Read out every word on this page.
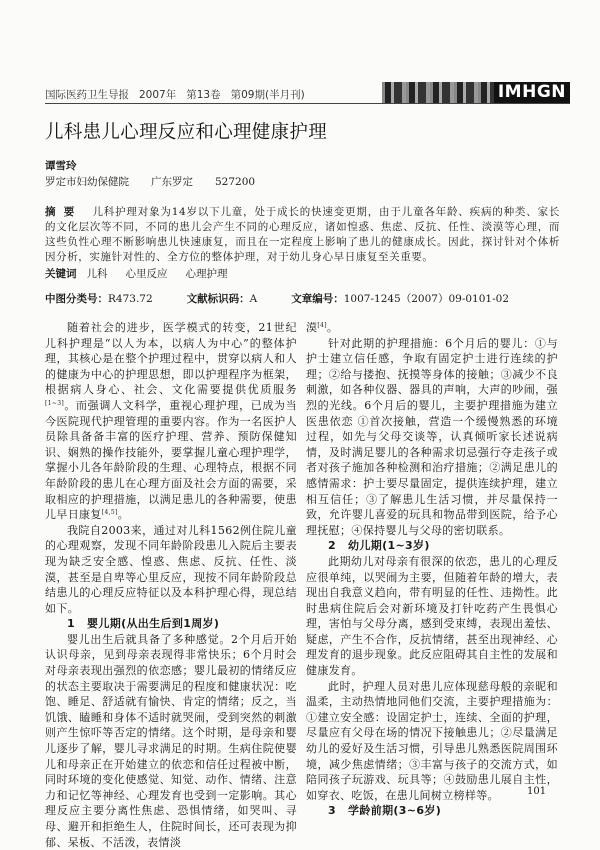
国际医药卫生导报 2007年 第13卷 第09期(半月刊)	IMHGN
儿科患儿心理反应和心理健康护理
谭雪玲
罗定市妇幼保健院 广东罗定 527200
摘要 儿科护理对象为14岁以下儿童，处于成长的快速变更期，由于儿童各年龄、疾病的种类、家长的文化层次等不同，不同的患儿会产生不同的心理反应，诸如惶惑、焦虑、反抗、任性、淡漠等心理，而这些负性心理不断影响患儿快速康复，而且在一定程度上影响了患儿的健康成长。因此，探讨针对个体析因分析，实施针对性的、全方位的整体护理，对于幼儿身心早日康复至关重要。
关键词 儿科 心里反应 心理护理
中图分类号：R473.72	文献标识码：A	文章编号：1007-1245（2007）09-0101-02

随着社会的进步，医学模式的转变，21世纪儿科护理是“以人为本，以病人为中心”的整体护理，其核心是在整个护理过程中，贯穿以病人和人的健康为中心的护理思想，即以护理程序为框架，根据病人身心、社会、文化需要提供优质服务[1~3]。而强调人文科学，重视心理护理，已成为当今医院现代护理管理的重要内容。作为一名医护人员除具备备丰富的医疗护理、营养、预防保健知识、娴熟的操作技能外，要掌握儿童心理护理学，掌握小儿各年龄阶段的生理、心理特点，根据不同年龄阶段的患儿在心理方面及社会方面的需要，采取相应的护理措施，以满足患儿的各种需要，使患儿早日康复[4,5]。

我院自2003来，通过对儿科1562例住院儿童的心理观察，发现不同年龄阶段患儿入院后主要表现为缺乏安全感、惶惑、焦虑、反抗、任性、淡漠，甚至是自卑等心里反应，现按不同年龄阶段总结患儿的心理反应特征以及本科护理心得，现总结如下。

1 婴儿期(从出生后到1周岁)

婴儿出生后就具备了多种感觉。2个月后开始认识母亲，见到母亲表现得非常快乐；6个月时会对母亲表现出强烈的依恋感；婴儿最初的情绪反应的状态主要取决于需要满足的程度和健康状况：吃饱、睡足、舒适就有愉快、肯定的情绪；反之，当饥饿、瞌睡和身体不适时就哭闹，受到突然的刺激则产生惊吓等否定的情绪。这个时期，是母亲和婴儿逐步了解，婴儿寻求满足的时期。生病住院使婴儿和母亲正在开始建立的依恋和信任过程被中断，同时环境的变化使感觉、知觉、动作、情绪、注意力和记忆等神经、心理发育也受到一定影响。其心理反应主要分离性焦虑、恐惧情绪，如哭叫、寻母、避开和拒绝生人，住院时间长，还可表现为抑郁、呆板、不活泼，表情淡

漠[4]。

针对此期的护理措施：6个月后的婴儿：①与护士建立信任感，争取有固定护士进行连续的护理；②给与搂抱、抚摸等身体的接触；③减少不良刺激，如各种仪器、器具的声响，大声的吵闹，强烈的光线。6个月后的婴儿，主要护理措施为建立医患依恋 ①首次接触，营造一个缓慢熟悉的环境过程，如先与父母交谈等，认真倾听家长述说病情，及时满足婴儿的各种需求切忌强行夺走孩子或者对孩子施加各种检测和治疗措施；②满足患儿的感情需求：护士要尽量固定，提供连续护理，建立相互信任；③了解患儿生活习惯，并尽量保持一致，允许婴儿喜爱的玩具和物品带到医院，给予心理抚慰；④保持婴儿与父母的密切联系。

2 幼儿期(1~3岁)

此期幼儿对母亲有很深的依恋，患儿的心理反应很单纯，以哭闹为主要，但随着年龄的增大，表现出自我意义趋向，带有明显的任性、违拗性。此时患病住院后会对新环境及打针吃药产生畏惧心理，害怕与父母分离，感到受束缚，表现出羞怯、疑虑，产生不合作，反抗情绪，甚至出现神经、心理发育的退步现象。此反应阻碍其自主性的发展和健康发育。

此时，护理人员对患儿应体现慈母般的亲昵和温柔，主动热情地同他们交流，主要护理措施为：①建立安全感：设固定护士，连续、全面的护理，尽量应有父母在场的情况下接触患儿；②尽量满足幼儿的爱好及生活习惯，引导患儿熟悉医院周围环境，减少焦虑情绪；③丰富与孩子的交流方式，如陪同孩子玩游戏、玩具等；④鼓励患儿展自主性，如穿衣、吃饭，在患儿间树立榜样等。

3 学龄前期(3~6岁)
101
